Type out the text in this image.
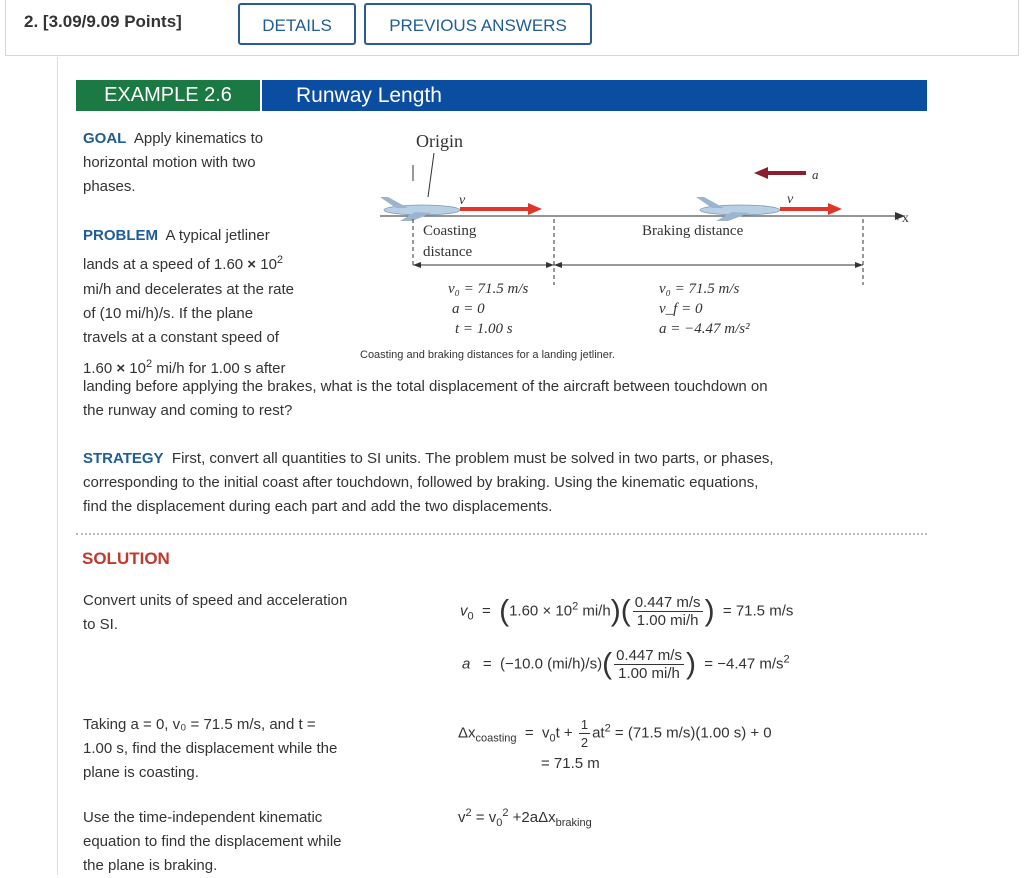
2. [3.09/9.09 Points]	DETAILS	PREVIOUS ANSWERS
EXAMPLE 2.6	Runway Length
GOAL Apply kinematics to
horizontal motion with two
phases.
PROBLEM A typical jetliner
lands at a speed of $1.60 \times 10^2$
mi/h and decelerates at the rate
of (10 mi/h)/s. If the plane
travels at a constant speed of
$1.60 \times 10^2$ mi/h for 1.00 s after
landing before applying the brakes, what is the total displacement of the aircraft between touchdown on
the runway and coming to rest?
Origin
+x
v	v
a
Coasting
distance
Braking distance
v₀ = 71.5 m/s
a = 0
t = 1.00 s
v₀ = 71.5 m/s
v_f = 0
a = −4.47 m/s²
Coasting and braking distances for a landing jetliner.
STRATEGY First, convert all quantities to SI units. The problem must be solved in two parts, or phases,
corresponding to the initial coast after touchdown, followed by braking. Using the kinematic equations,
find the displacement during each part and add the two displacements.
SOLUTION
Convert units of speed and acceleration
to SI.
$v_0 = (1.60 \times 10^2$ $mi/h)( \frac{0.447 m/s}{1.00 mi/h}$ ) = 71.5 m/s
a = (−10.0 $(mi/h)/s)( \frac{0.447 m/s}{1.00 mi/h}$ ) = −4.47 $m/s^2$
Taking a = 0, v₀ = 71.5 m/s, and t =
1.00 s, find the displacement while the
plane is coasting.
$\Delta x_{coasting} = v_0t + \frac{1}{2} at^2 = (71.5$ m/s)(1.00 s) + 0
= 71.5 m
Use the time-independent kinematic
equation to find the displacement while
the plane is braking.
$v^2 = v_0^2 +2a\Delta x_{braking}$
